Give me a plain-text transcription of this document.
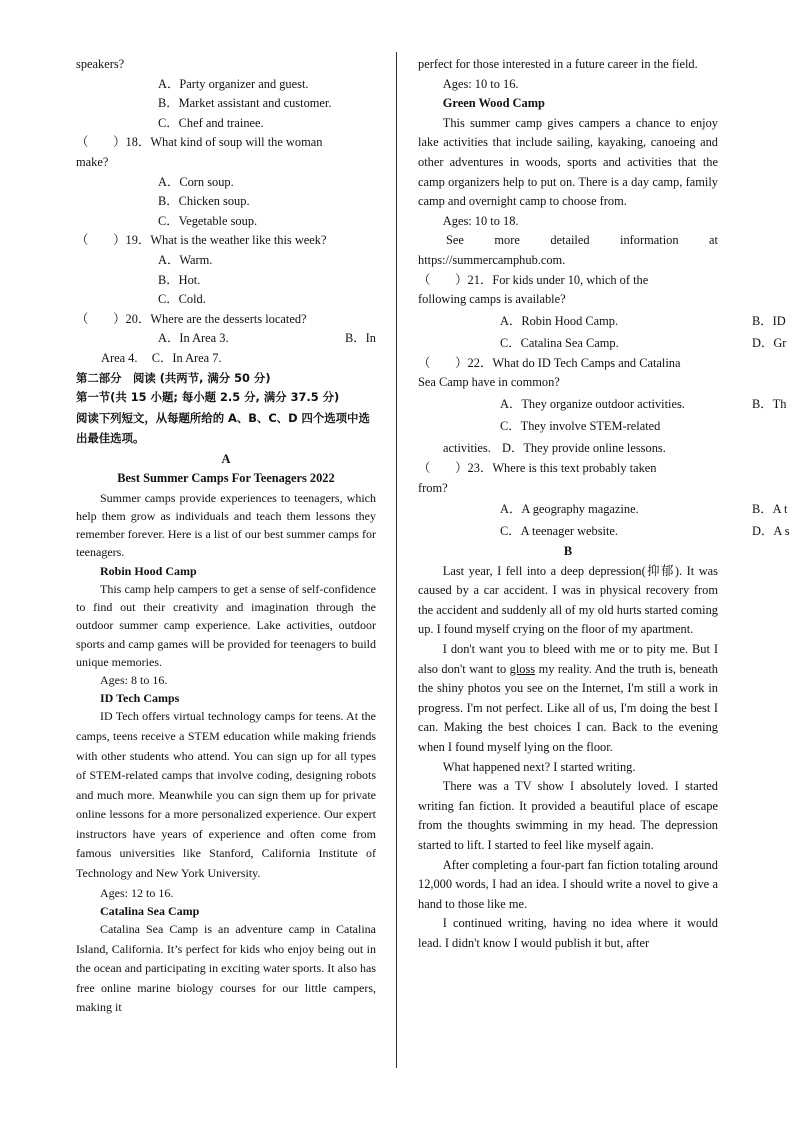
speakers?

A．Party organizer and guest.

B．Market assistant and customer.

C．Chef and trainee.

（　　）18．What kind of soup will the woman

make?

A．Corn soup.

B．Chicken soup.

C．Vegetable soup.

（　　）19．What is the weather like this week?

A．Warm.

B．Hot.

C．Cold.

（　　）20．Where are the desserts located?

A．In Area 3.	B．In

Area 4. C．In Area 7.

第二部分　阅读 (共两节, 满分 50 分)

第一节(共 15 小题; 每小题 2.5 分, 满分 37.5 分)

阅读下列短文，从每题所给的 A、B、C、D 四个选项中选出最佳选项。

A

Best Summer Camps For Teenagers 2022

Summer camps provide experiences to teenagers, which help them grow as individuals and teach them lessons they remember forever. Here is a list of our best summer camps for teenagers.

Robin Hood Camp

This camp help campers to get a sense of self-confidence to find out their creativity and imagination through the outdoor summer camp experience. Lake activities, outdoor sports and camp games will be provided for teenagers to build unique memories.

Ages: 8 to 16.

ID Tech Camps

ID Tech offers virtual technology camps for teens. At the camps, teens receive a STEM education while making friends with other students who attend. You can sign up for all types of STEM-related camps that involve coding, designing robots and much more. Meanwhile you can sign them up for private online lessons for a more personalized experience. Our expert instructors have years of experience and often come from famous universities like Stanford, California Institute of Technology and New York University.

Ages: 12 to 16.

Catalina Sea Camp

Catalina Sea Camp is an adventure camp in Catalina Island, California. It’s perfect for kids who enjoy being out in the ocean and participating in exciting water sports. It also has free online marine biology courses for our little campers, making it

perfect for those interested in a future career in the field.

Ages: 10 to 16.

Green Wood Camp

This summer camp gives campers a chance to enjoy lake activities that include sailing, kayaking, canoeing and other adventures in woods, sports and activities that the camp organizers help to put on. There is a day camp, family camp and overnight camp to choose from.

Ages: 10 to 18.

See more detailed information at

https://summercamphub.com.

（　　）21．For kids under 10, which of the

following camps is available?

A．Robin Hood Camp.	B．ID
C．Catalina Sea Camp.	D．Gr

（　　）22．What do ID Tech Camps and Catalina

Sea Camp have in common?

A．They organize outdoor activities.	B．Th
C．They involve STEM-related
activities. D．They provide online lessons.

（　　）23．Where is this text probably taken

from?

A．A geography magazine.	B．A t
C．A teenager website.	D．A s

B

Last year, I fell into a deep depression(抑郁). It was caused by a car accident. I was in physical recovery from the accident and suddenly all of my old hurts started coming up. I found myself crying on the floor of my apartment.

I don't want you to bleed with me or to pity me. But I also don't want to gloss my reality. And the truth is, beneath the shiny photos you see on the Internet, I'm still a work in progress. I'm not perfect. Like all of us, I'm doing the best I can. Making the best choices I can. Back to the evening when I found myself lying on the floor.

What happened next? I started writing.

There was a TV show I absolutely loved. I started writing fan fiction. It provided a beautiful place of escape from the thoughts swimming in my head. The depression started to lift. I started to feel like myself again.

After completing a four-part fan fiction totaling around 12,000 words, I had an idea. I should write a novel to give a hand to those like me.

I continued writing, having no idea where it would lead. I didn't know I would publish it but, after
